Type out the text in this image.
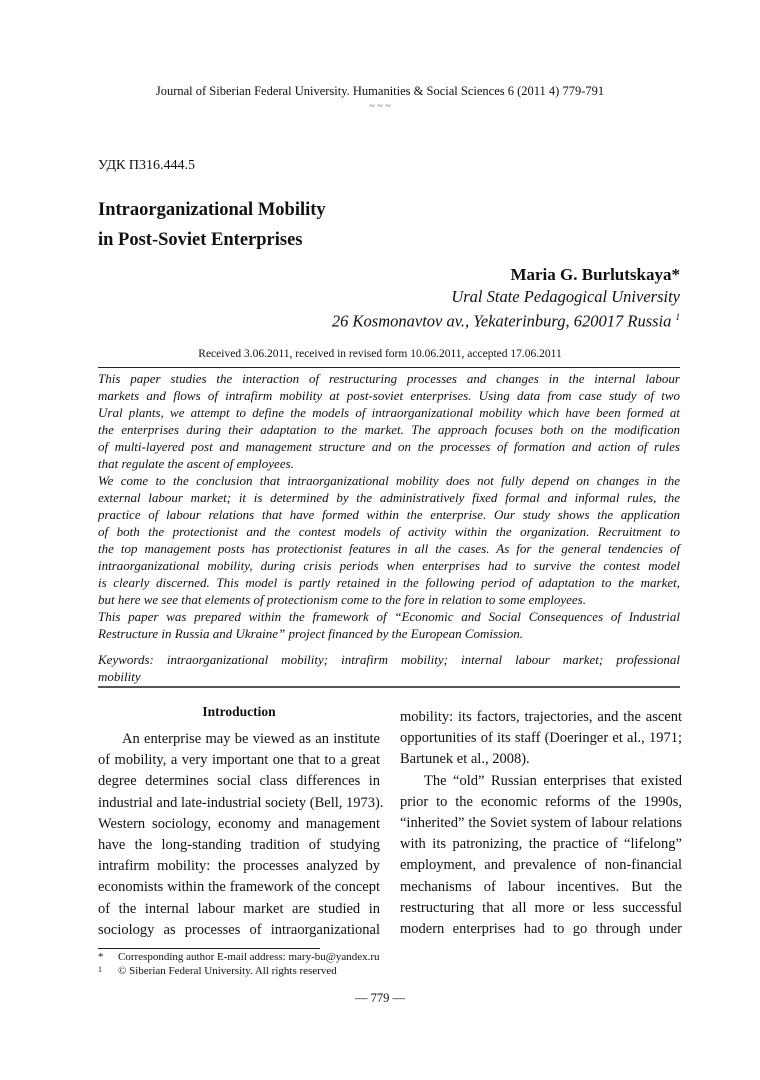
Journal of Siberian Federal University. Humanities & Social Sciences 6 (2011 4) 779-791
~ ~ ~
УДК П316.444.5
Intraorganizational Mobility
in Post-Soviet Enterprises
Maria G. Burlutskaya*
Ural State Pedagogical University
26 Kosmonavtov av., Yekaterinburg, 620017 Russia $^1$
Received 3.06.2011, received in revised form 10.06.2011, accepted 17.06.2011
This paper studies the interaction of restructuring processes and changes in the internal labour
markets and flows of intrafirm mobility at post-soviet enterprises. Using data from case study of two
Ural plants, we attempt to define the models of intraorganizational mobility which have been formed at
the enterprises during their adaptation to the market. The approach focuses both on the modification
of multi-layered post and management structure and on the processes of formation and action of rules
that regulate the ascent of employees.
We come to the conclusion that intraorganizational mobility does not fully depend on changes in the
external labour market; it is determined by the administratively fixed formal and informal rules, the
practice of labour relations that have formed within the enterprise. Our study shows the application
of both the protectionist and the contest models of activity within the organization. Recruitment to
the top management posts has protectionist features in all the cases. As for the general tendencies of
intraorganizational mobility, during crisis periods when enterprises had to survive the contest model
is clearly discerned. This model is partly retained in the following period of adaptation to the market,
but here we see that elements of protectionism come to the fore in relation to some employees.
This paper was prepared within the framework of “Economic and Social Consequences of Industrial
Restructure in Russia and Ukraine” project financed by the European Comission.
Keywords: intraorganizational mobility; intrafirm mobility; internal labour market; professional
mobility
Introduction
An enterprise may be viewed as an institute
of mobility, a very important one that to a great
degree determines social class differences in
industrial and late-industrial society (Bell, 1973).
Western sociology, economy and management
have the long-standing tradition of studying
intrafirm mobility: the processes analyzed by
economists within the framework of the concept
of the internal labour market are studied in
sociology as processes of intraorganizational
mobility: its factors, trajectories, and the ascent
opportunities of its staff (Doeringer et al., 1971;
Bartunek et al., 2008).
The “old” Russian enterprises that existed
prior to the economic reforms of the 1990s,
“inherited” the Soviet system of labour relations
with its patronizing, the practice of “lifelong”
employment, and prevalence of non-financial
mechanisms of labour incentives. But the
restructuring that all more or less successful
modern enterprises had to go through under
* Corresponding author E-mail address: mary-bu@yandex.ru
1 © Siberian Federal University. All rights reserved
— 779 —
